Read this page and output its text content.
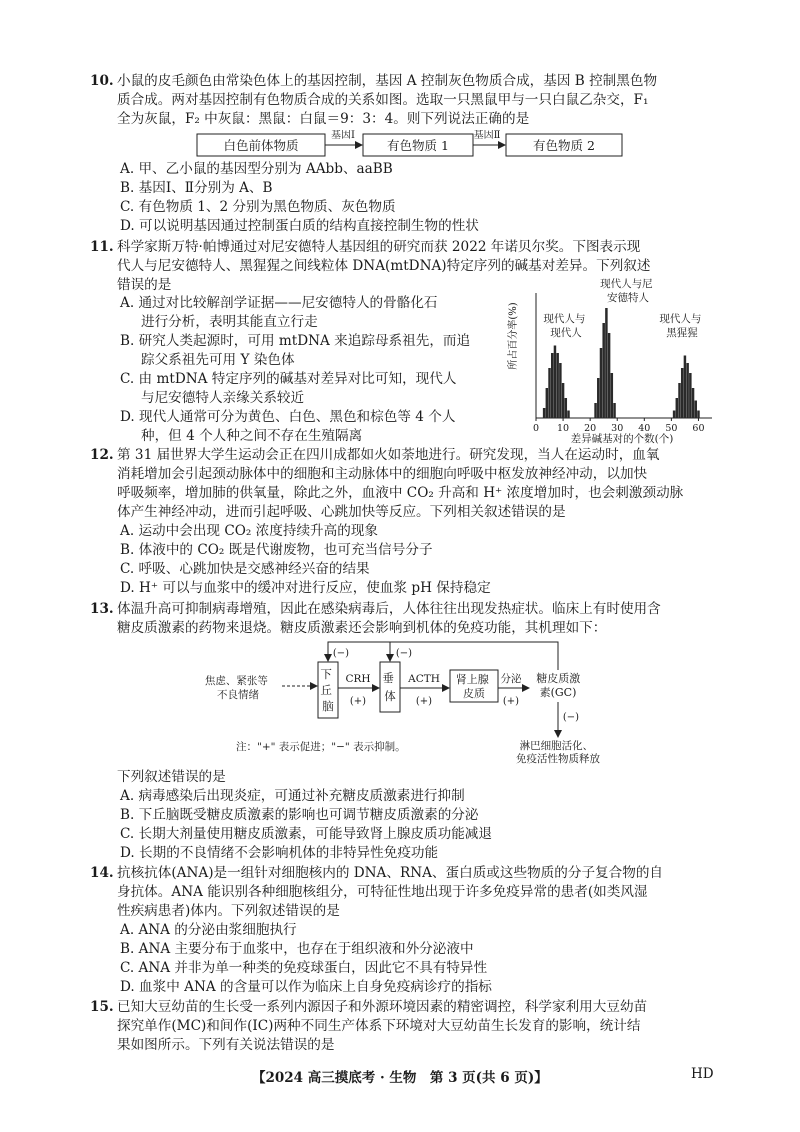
10. 小鼠的皮毛颜色由常染色体上的基因控制，基因 A 控制灰色物质合成，基因 B 控制黑色物
质合成。两对基因控制有色物质合成的关系如图。选取一只黑鼠甲与一只白鼠乙杂交，F₁
全为灰鼠，F₂ 中灰鼠：黑鼠：白鼠＝9：3：4。则下列说法正确的是
白色前体物质
基因Ⅰ
有色物质 1
基因Ⅱ
有色物质 2
A. 甲、乙小鼠的基因型分别为 AAbb、aaBB
B. 基因Ⅰ、Ⅱ分别为 A、B
C. 有色物质 1、2 分别为黑色物质、灰色物质
D. 可以说明基因通过控制蛋白质的结构直接控制生物的性状
11. 科学家斯万特·帕博通过对尼安德特人基因组的研究而获 2022 年诺贝尔奖。下图表示现
代人与尼安德特人、黑猩猩之间线粒体 DNA(mtDNA)特定序列的碱基对差异。下列叙述
错误的是
A. 通过对比较解剖学证据——尼安德特人的骨骼化石
进行分析，表明其能直立行走
B. 研究人类起源时，可用 mtDNA 来追踪母系祖先，而追
踪父系祖先可用 Y 染色体
C. 由 mtDNA 特定序列的碱基对差异对比可知，现代人
与尼安德特人亲缘关系较近
D. 现代人通常可分为黄色、白色、黑色和棕色等 4 个人
种，但 4 个人种之间不存在生殖隔离	0 10 20 30 40 50 60
所占百分率(%) 现代人与 现代人
现代人与尼 安德特人
现代人与 黑猩猩
差异碱基对的个数(个)
12. 第 31 届世界大学生运动会正在四川成都如火如荼地进行。研究发现，当人在运动时，血氧
消耗增加会引起颈动脉体中的细胞和主动脉体中的细胞向呼吸中枢发放神经冲动，以加快
呼吸频率，增加肺的供氧量，除此之外，血液中 CO₂ 升高和 H⁺ 浓度增加时，也会刺激颈动脉
体产生神经冲动，进而引起呼吸、心跳加快等反应。下列相关叙述错误的是
A. 运动中会出现 CO₂ 浓度持续升高的现象
B. 体液中的 CO₂ 既是代谢废物，也可充当信号分子
C. 呼吸、心跳加快是交感神经兴奋的结果
D. H⁺ 可以与血浆中的缓冲对进行反应，使血浆 pH 保持稳定
13. 体温升高可抑制病毒增殖，因此在感染病毒后，人体往往出现发热症状。临床上有时使用含
糖皮质激素的药物来退烧。糖皮质激素还会影响到机体的免疫功能，其机理如下：
焦虑、紧张等 不良情绪
下 丘 脑
CRH
(+)
垂 体
ACTH
(+)
肾上腺 皮质
分泌
(+)
糖皮质激 素(GC)
(−)	(−)
(−)
淋巴细胞活化、 免疫活性物质释放
注："+" 表示促进；"−" 表示抑制。
下列叙述错误的是
A. 病毒感染后出现炎症，可通过补充糖皮质激素进行抑制
B. 下丘脑既受糖皮质激素的影响也可调节糖皮质激素的分泌
C. 长期大剂量使用糖皮质激素，可能导致肾上腺皮质功能减退
D. 长期的不良情绪不会影响机体的非特异性免疫功能
14. 抗核抗体(ANA)是一组针对细胞核内的 DNA、RNA、蛋白质或这些物质的分子复合物的自
身抗体。ANA 能识别各种细胞核组分，可特征性地出现于许多免疫异常的患者(如类风湿
性疾病患者)体内。下列叙述错误的是
A. ANA 的分泌由浆细胞执行
B. ANA 主要分布于血浆中，也存在于组织液和外分泌液中
C. ANA 并非为单一种类的免疫球蛋白，因此它不具有特异性
D. 血浆中 ANA 的含量可以作为临床上自身免疫病诊疗的指标
15. 已知大豆幼苗的生长受一系列内源因子和外源环境因素的精密调控，科学家利用大豆幼苗
探究单作(MC)和间作(IC)两种不同生产体系下环境对大豆幼苗生长发育的影响，统计结
果如图所示。下列有关说法错误的是
【2024 高三摸底考 · 生物　第 3 页(共 6 页)】	HD
